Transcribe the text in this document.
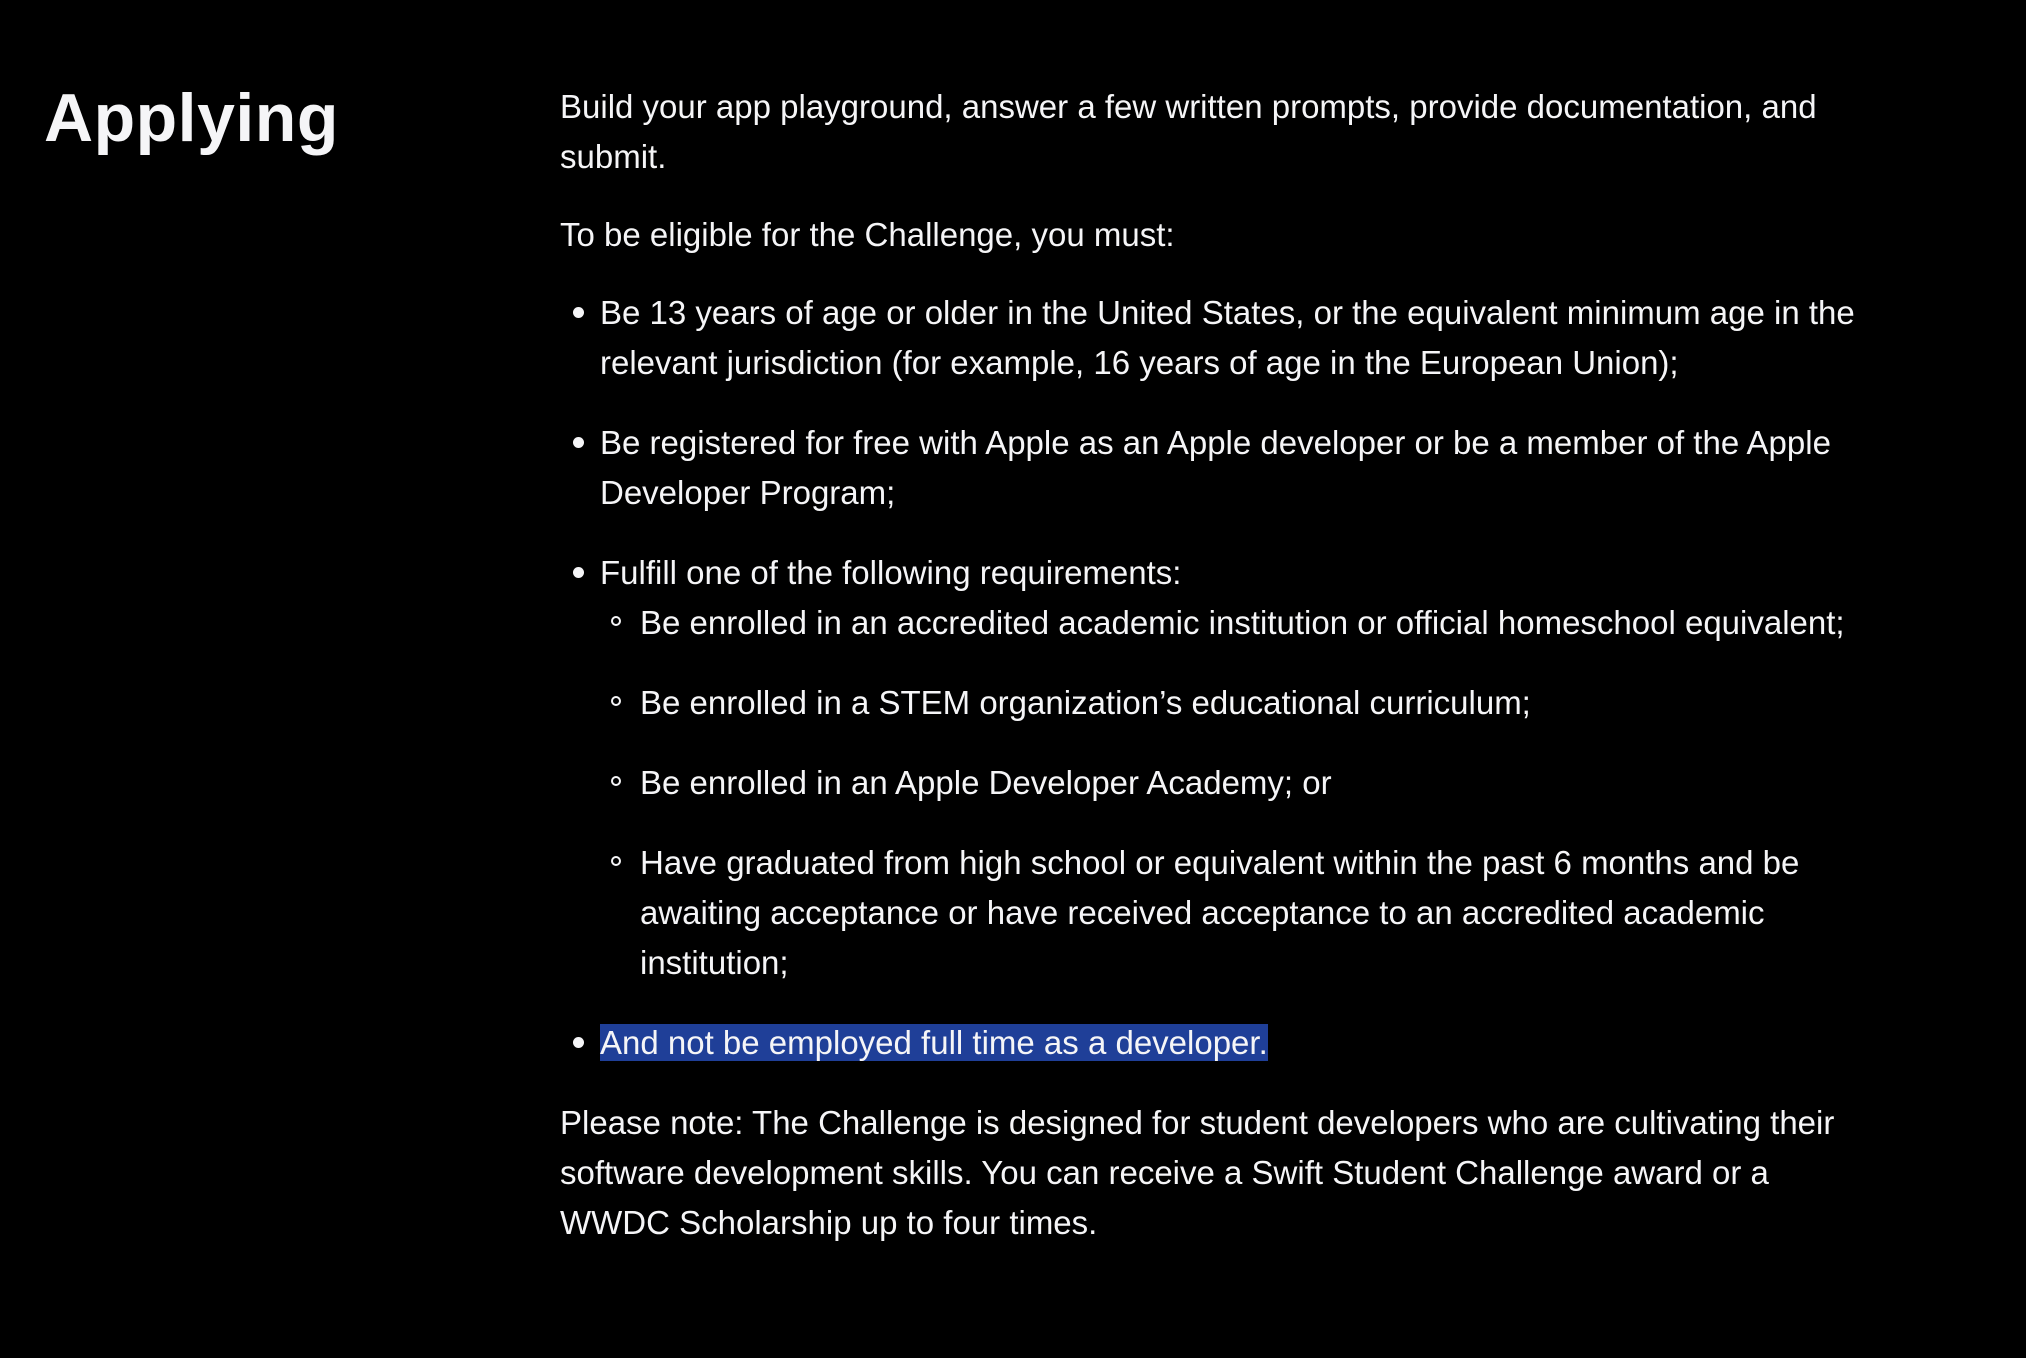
Applying	Build your app playground, answer a few written prompts, provide documentation, and submit.

To be eligible for the Challenge, you must:

Be 13 years of age or older in the United States, or the equivalent minimum age in the relevant jurisdiction (for example, 16 years of age in the European Union);
Be registered for free with Apple as an Apple developer or be a member of the Apple Developer Program;
Fulfill one of the following requirements:
Be enrolled in an accredited academic institution or official homeschool equivalent;
Be enrolled in a STEM organization’s educational curriculum;
Be enrolled in an Apple Developer Academy; or
Have graduated from high school or equivalent within the past 6 months and be awaiting acceptance or have received acceptance to an accredited academic institution;
And not be employed full time as a developer.

Please note: The Challenge is designed for student developers who are cultivating their software development skills. You can receive a Swift Student Challenge award or a WWDC Scholarship up to four times.
